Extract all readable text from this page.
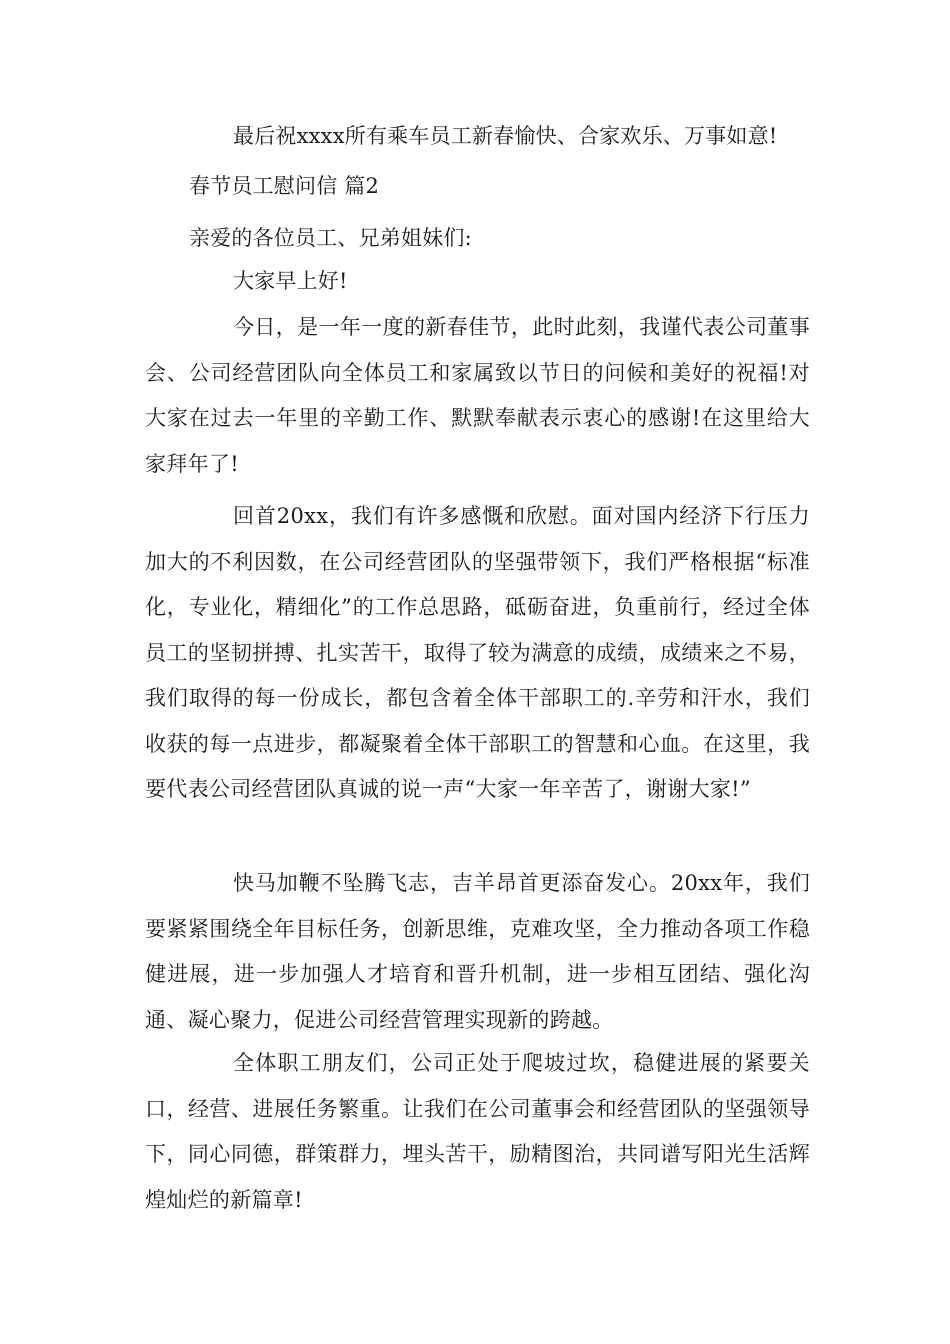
最后祝xxxx所有乘车员工新春愉快、合家欢乐、万事如意!
春节员工慰问信 篇2
亲爱的各位员工、兄弟姐妹们:
大家早上好!
今日，是一年一度的新春佳节，此时此刻，我谨代表公司董事会、公司经营团队向全体员工和家属致以节日的问候和美好的祝福!对大家在过去一年里的辛勤工作、默默奉献表示衷心的感谢!在这里给大家拜年了!
回首20xx，我们有许多感慨和欣慰。面对国内经济下行压力加大的不利因数，在公司经营团队的坚强带领下，我们严格根据“标准化，专业化，精细化”的工作总思路，砥砺奋进，负重前行，经过全体员工的坚韧拼搏、扎实苦干，取得了较为满意的成绩，成绩来之不易，我们取得的每一份成长，都包含着全体干部职工的.辛劳和汗水，我们收获的每一点进步，都凝聚着全体干部职工的智慧和心血。在这里，我要代表公司经营团队真诚的说一声“大家一年辛苦了，谢谢大家!”
快马加鞭不坠腾飞志，吉羊昂首更添奋发心。20xx年，我们要紧紧围绕全年目标任务，创新思维，克难攻坚，全力推动各项工作稳健进展，进一步加强人才培育和晋升机制，进一步相互团结、强化沟通、凝心聚力，促进公司经营管理实现新的跨越。
全体职工朋友们，公司正处于爬坡过坎，稳健进展的紧要关口，经营、进展任务繁重。让我们在公司董事会和经营团队的坚强领导下，同心同德，群策群力，埋头苦干，励精图治，共同谱写阳光生活辉煌灿烂的新篇章!
